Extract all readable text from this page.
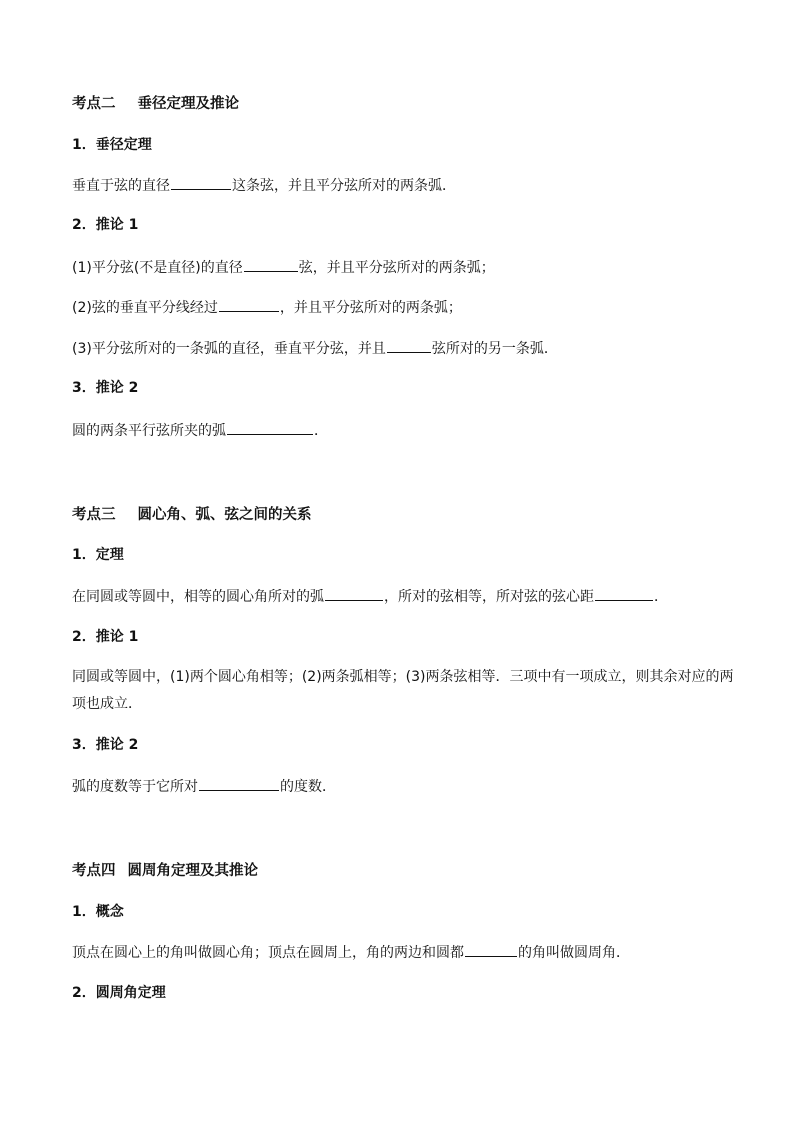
考点二 垂径定理及推论
1．垂径定理
垂直于弦的直径	这条弦，并且平分弦所对的两条弧．
2．推论 1
(1)平分弦(不是直径)的直径	弦，并且平分弦所对的两条弧；
(2)弦的垂直平分线经过	，并且平分弦所对的两条弧；
(3)平分弦所对的一条弧的直径，垂直平分弦，并且	弦所对的另一条弧．
3．推论 2
圆的两条平行弦所夹的弧	．
考点三 圆心角、弧、弦之间的关系
1．定理
在同圆或等圆中，相等的圆心角所对的弧	，所对的弦相等，所对弦的弦心距	．
2．推论 1
同圆或等圆中，(1)两个圆心角相等；(2)两条弧相等；(3)两条弦相等．三项中有一项成立，则其余对应的两
项也成立．
3．推论 2
弧的度数等于它所对	的度数．
考点四 圆周角定理及其推论
1．概念
顶点在圆心上的角叫做圆心角；顶点在圆周上，角的两边和圆都	的角叫做圆周角．
2．圆周角定理
